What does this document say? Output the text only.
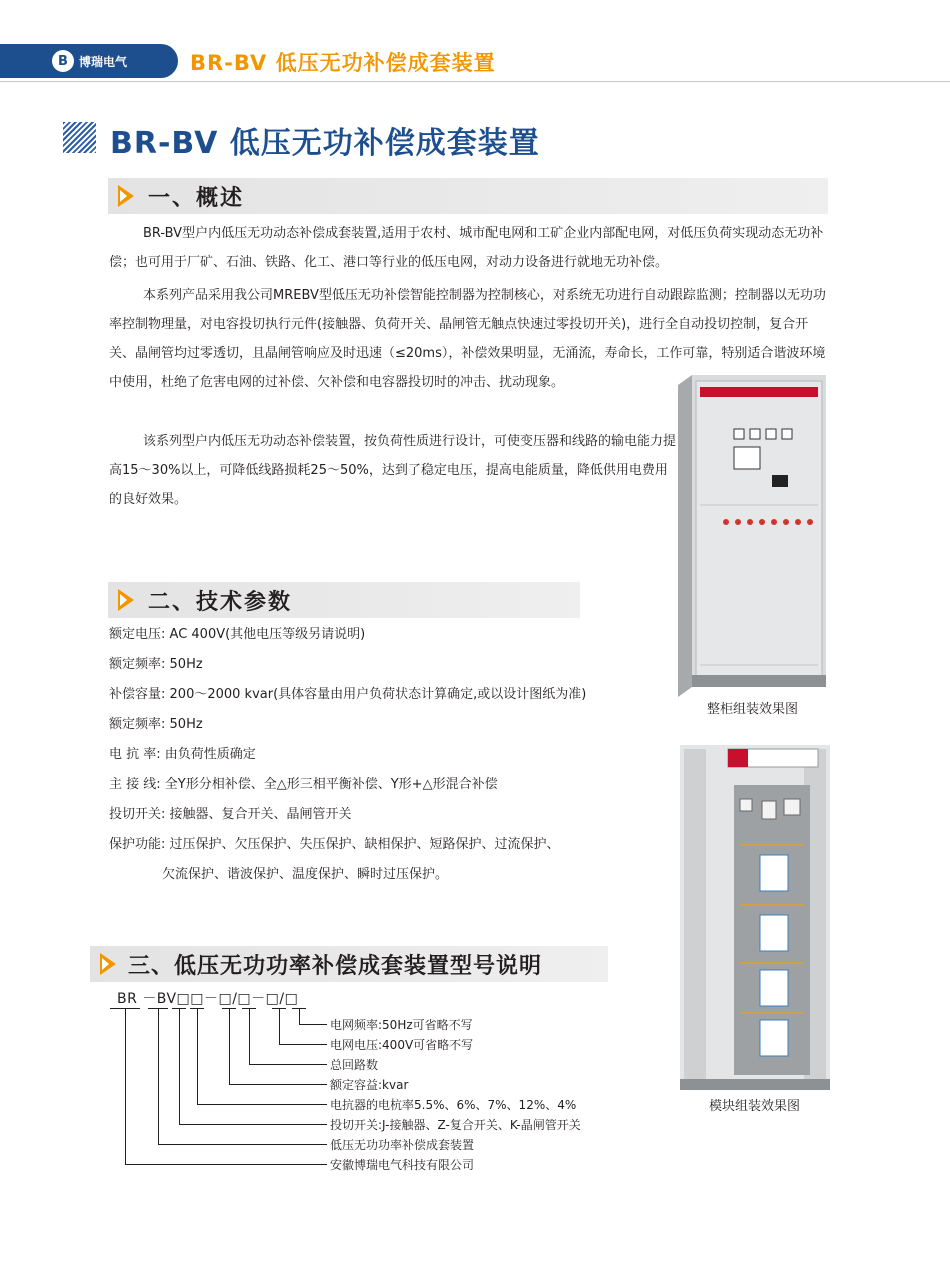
B 博瑞电气	BR-BV 低压无功补偿成套装置
BR-BV 低压无功补偿成套装置
一、概述
BR-BV型户内低压无功动态补偿成套装置,适用于农村、城市配电网和工矿企业内部配电网，对低压负荷实现动态无功补偿；也可用于厂矿、石油、铁路、化工、港口等行业的低压电网，对动力设备进行就地无功补偿。
本系列产品采用我公司MREBV型低压无功补偿智能控制器为控制核心，对系统无功进行自动跟踪监测；控制器以无功功率控制物理量，对电容投切执行元件(接触器、负荷开关、晶闸管无触点快速过零投切开关)，进行全自动投切控制，复合开关、晶闸管均过零透切，且晶闸管响应及时迅速（≤20ms），补偿效果明显，无涌流，寿命长，工作可靠，特别适合谐波环境中使用，杜绝了危害电网的过补偿、欠补偿和电容器投切时的冲击、扰动现象。
该系列型户内低压无功动态补偿装置，按负荷性质进行设计，可使变压器和线路的输电能力提高15～30%以上，可降低线路损耗25～50%，达到了稳定电压，提高电能质量，降低供用电费用的良好效果。
整柜组装效果图
二、技术参数
额定电压: AC 400V(其他电压等级另请说明)
额定频率: 50Hz
补偿容量: 200～2000 kvar(具体容量由用户负荷状态计算确定,或以设计图纸为准)
额定频率: 50Hz
电 抗 率: 由负荷性质确定
主 接 线: 全Y形分相补偿、全△形三相平衡补偿、Y形+△形混合补偿
投切开关: 接触器、复合开关、晶闸管开关
保护功能: 过压保护、欠压保护、失压保护、缺相保护、短路保护、过流保护、
欠流保护、谐波保护、温度保护、瞬时过压保护。
模块组装效果图
三、低压无功功率补偿成套装置型号说明
BR －BV□□－□/□－□/□
电网频率:50Hz可省略不写
电网电压:400V可省略不写
总回路数
额定容益:kvar
电抗器的电杭率5.5%、6%、7%、12%、4%
投切开关:J-接触器、Z-复合开关、K-晶闸管开关
低压无功功率补偿成套装置
安徽博瑞电气科技有限公司
